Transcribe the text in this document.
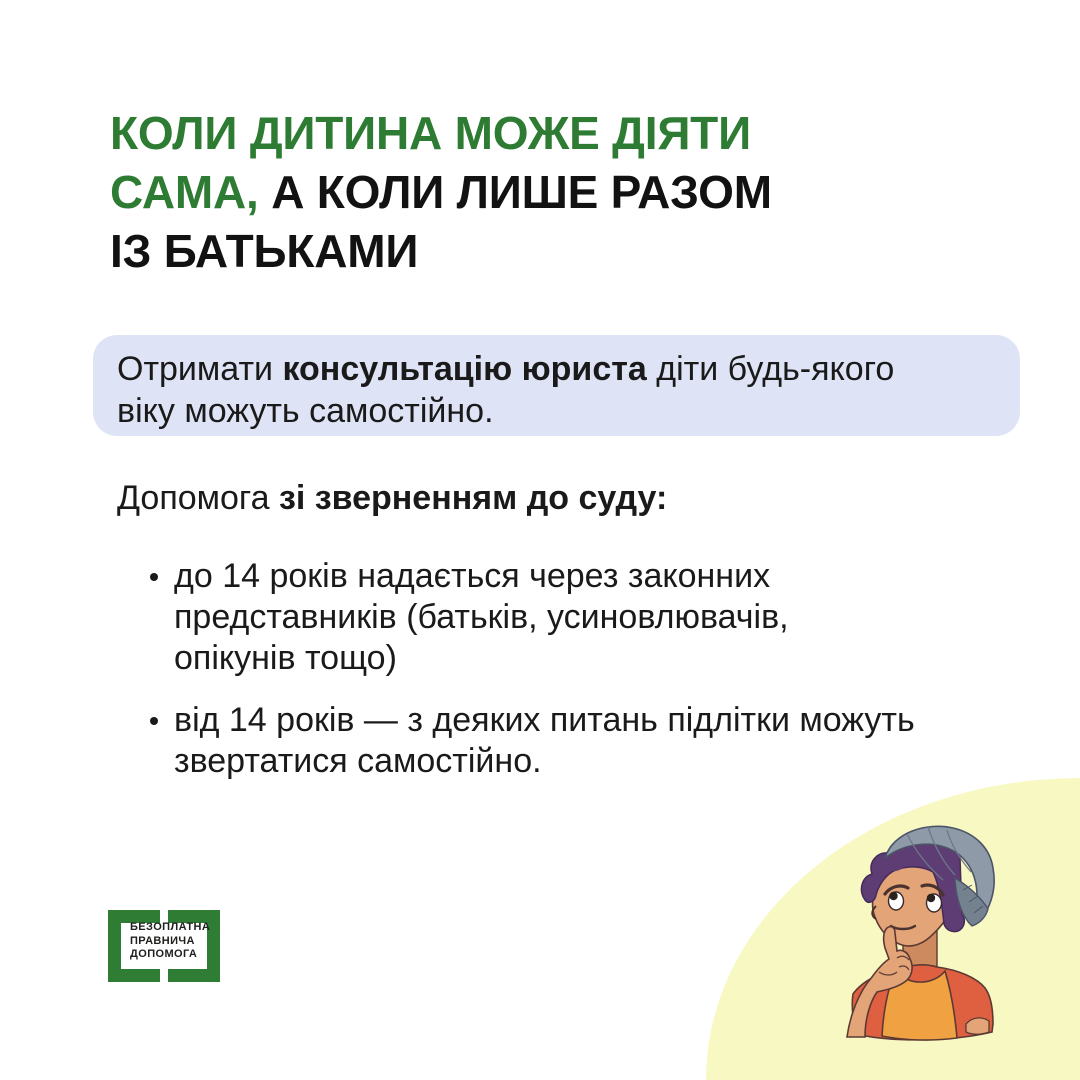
КОЛИ ДИТИНА МОЖЕ ДІЯТИ
САМА, А КОЛИ ЛИШЕ РАЗОМ
ІЗ БАТЬКАМИ
Отримати консультацію юриста діти будь-якого
віку можуть самостійно.
Допомога зі зверненням до суду:
до 14 років надається через законних
представників (батьків, усиновлювачів,
опікунів тощо)
від 14 років — з деяких питань підлітки можуть
звертатися самостійно.
БЕЗОПЛАТНА
ПРАВНИЧА
ДОПОМОГА
